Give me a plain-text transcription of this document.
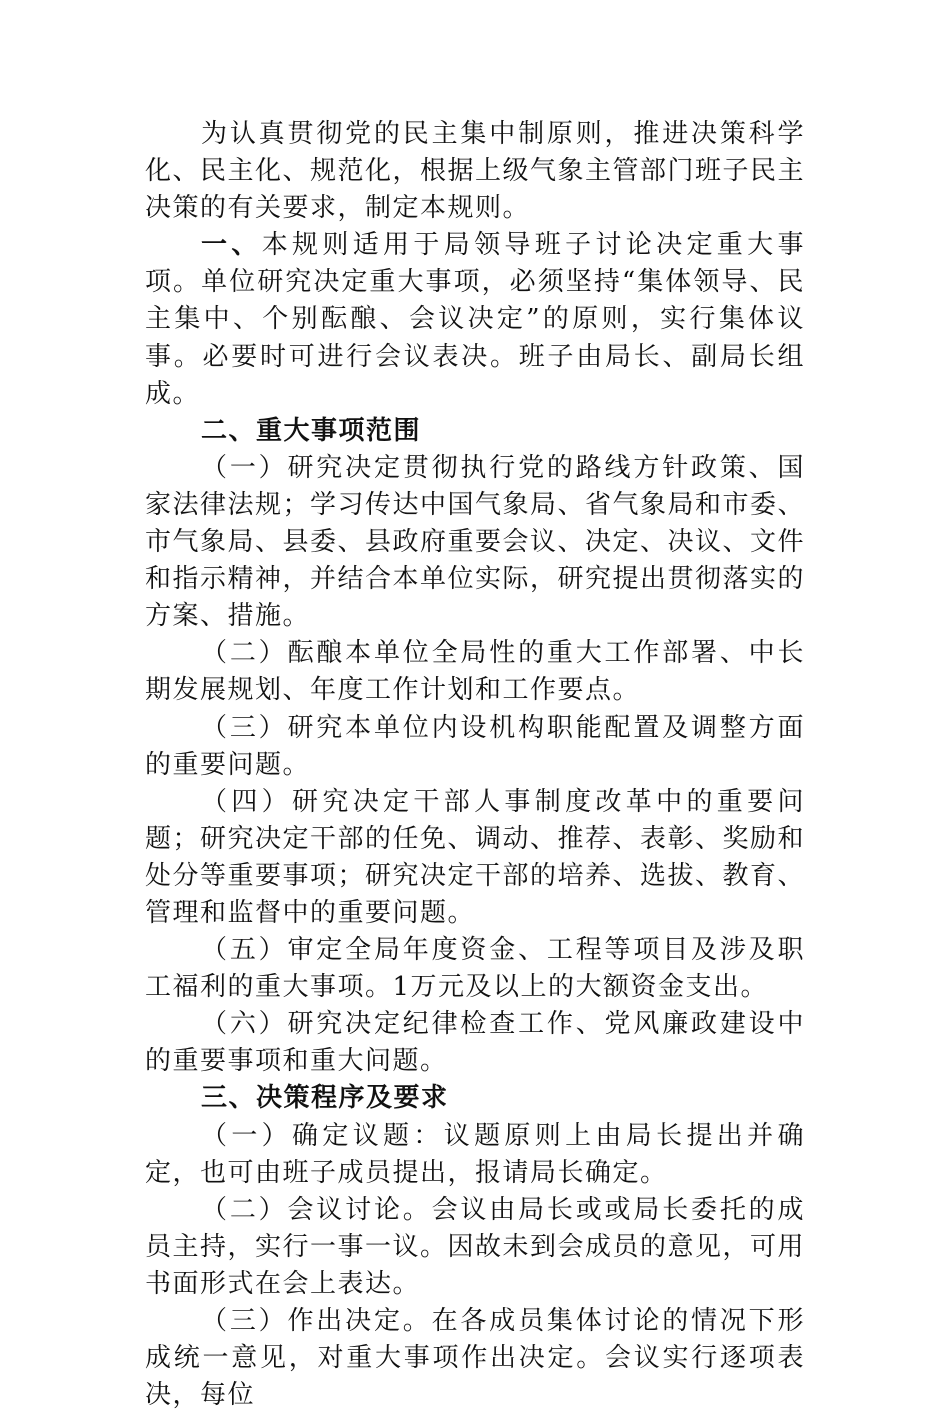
为认真贯彻党的民主集中制原则，推进决策科学化、民主化、规范化，根据上级气象主管部门班子民主决策的有关要求，制定本规则。

一、本规则适用于局领导班子讨论决定重大事项。单位研究决定重大事项，必须坚持“集体领导、民主集中、个别酝酿、会议决定”的原则，实行集体议事。必要时可进行会议表决。班子由局长、副局长组成。

二、重大事项范围

（一）研究决定贯彻执行党的路线方针政策、国家法律法规；学习传达中国气象局、省气象局和市委、市气象局、县委、县政府重要会议、决定、决议、文件和指示精神，并结合本单位实际，研究提出贯彻落实的方案、措施。

（二）酝酿本单位全局性的重大工作部署、中长期发展规划、年度工作计划和工作要点。

（三）研究本单位内设机构职能配置及调整方面的重要问题。

（四）研究决定干部人事制度改革中的重要问题；研究决定干部的任免、调动、推荐、表彰、奖励和处分等重要事项；研究决定干部的培养、选拔、教育、管理和监督中的重要问题。

（五）审定全局年度资金、工程等项目及涉及职工福利的重大事项。1万元及以上的大额资金支出。

（六）研究决定纪律检查工作、党风廉政建设中的重要事项和重大问题。

三、决策程序及要求

（一）确定议题：议题原则上由局长提出并确定，也可由班子成员提出，报请局长确定。

（二）会议讨论。会议由局长或或局长委托的成员主持，实行一事一议。因故未到会成员的意见，可用书面形式在会上表达。

（三）作出决定。在各成员集体讨论的情况下形成统一意见，对重大事项作出决定。会议实行逐项表决，每位
